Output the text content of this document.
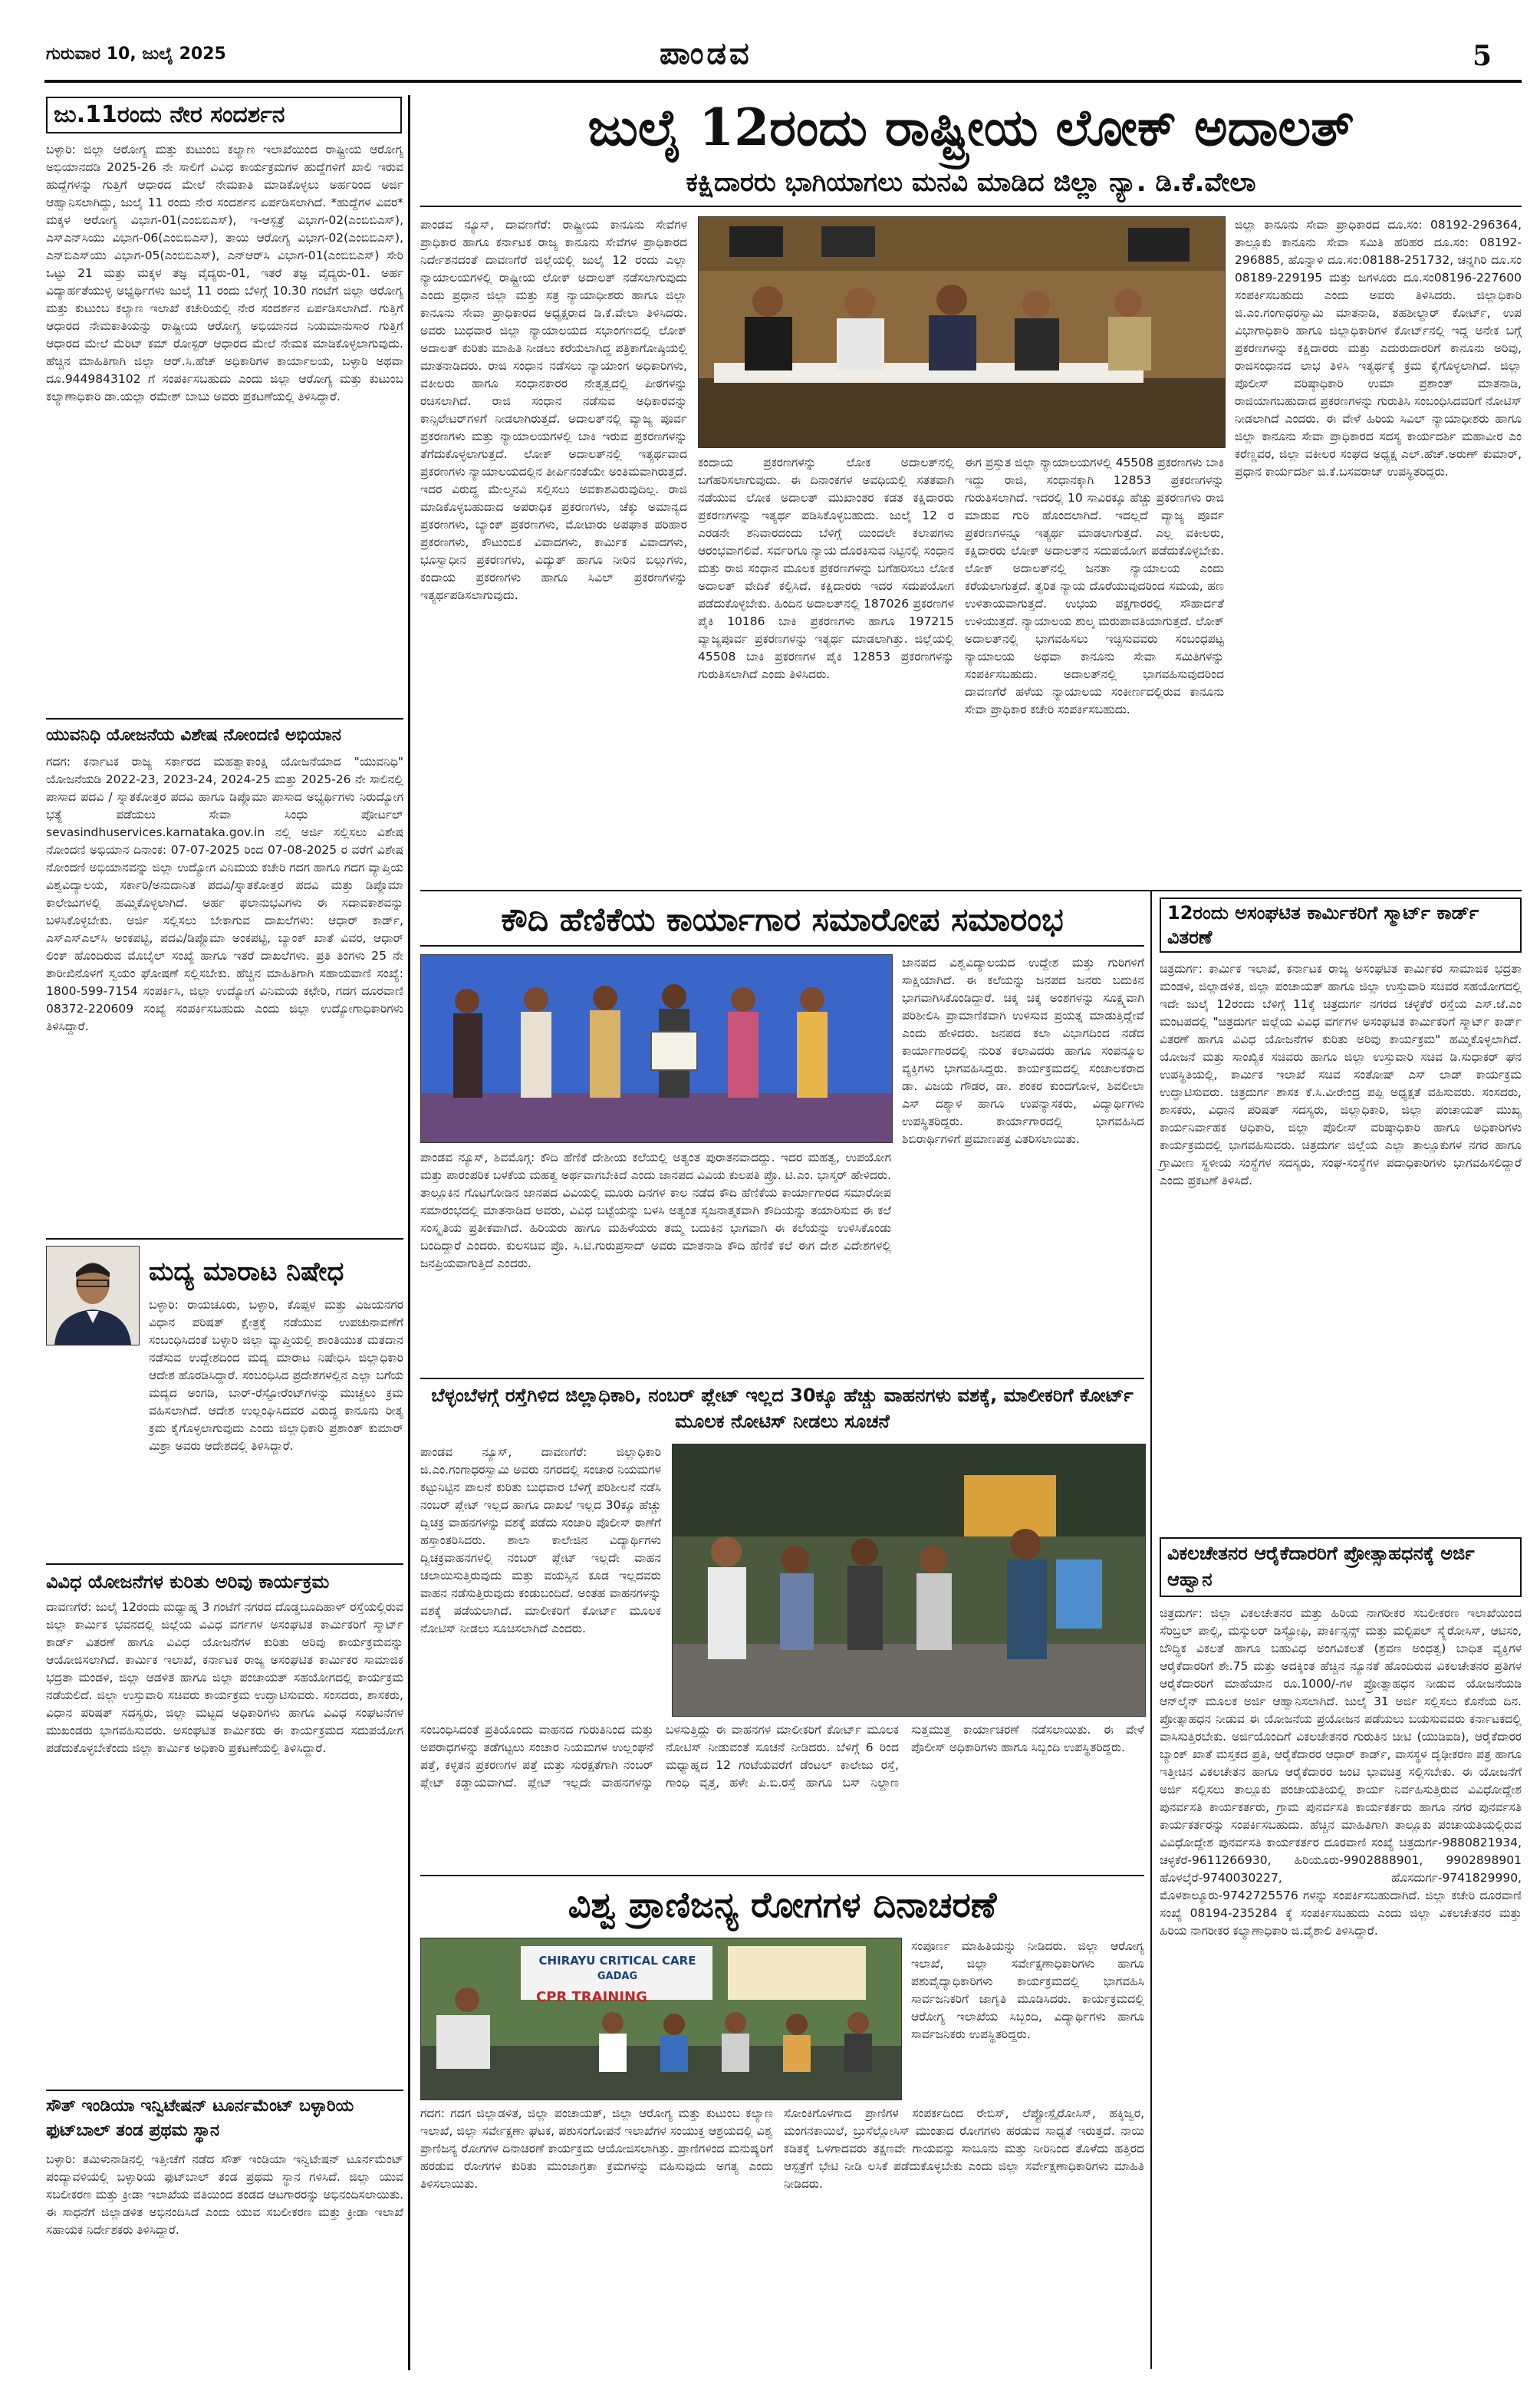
ಗುರುವಾರ 10, ಜುಲೈ 2025	ಪಾಂಡವ	5
ಜು.11ರಂದು ನೇರ ಸಂದರ್ಶನ
ಬಳ್ಳಾರಿ: ಜಿಲ್ಲಾ ಆರೋಗ್ಯ ಮತ್ತು ಕುಟುಂಬ ಕಲ್ಯಾಣ ಇಲಾಖೆಯಿಂದ ರಾಷ್ಟ್ರೀಯ ಆರೋಗ್ಯ ಅಭಿಯಾನದಡಿ 2025-26 ನೇ ಸಾಲಿಗೆ ವಿವಿಧ ಕಾರ್ಯಕ್ರಮಗಳ ಹುದ್ದೆಗಳಿಗೆ ಖಾಲಿ ಇರುವ ಹುದ್ದೆಗಳನ್ನು ಗುತ್ತಿಗೆ ಆಧಾರದ ಮೇಲೆ ನೇಮಕಾತಿ ಮಾಡಿಕೊಳ್ಳಲು ಅರ್ಹರಿಂದ ಅರ್ಜಿ ಆಹ್ವಾನಿಸಲಾಗಿದ್ದು, ಜುಲೈ 11 ರಂದು ನೇರ ಸಂದರ್ಶನ ಏರ್ಪಡಿಸಲಾಗಿದೆ. *ಹುದ್ದೆಗಳ ವಿವರ* ಮಕ್ಕಳ ಆರೋಗ್ಯ ವಿಭಾಗ-01(ಎಂಬಿಬಿಎಸ್), ಇ-ಆಸ್ಪತ್ರೆ ವಿಭಾಗ-02(ಎಂಬಿಬಿಎಸ್), ಎಸ್‌ಎನ್‌ಸಿಯು ವಿಭಾಗ-06(ಎಂಬಿಬಿಎಸ್), ತಾಯಿ ಆರೋಗ್ಯ ವಿಭಾಗ-02(ಎಂಬಿಬಿಎಸ್), ಎನ್‌ಬಿಎಸ್‌ಯು ವಿಭಾಗ-05(ಎಂಬಿಬಿಎಸ್), ಎನ್‌ಆರ್‌ಸಿ ವಿಭಾಗ-01(ಎಂಬಿಬಿಎಸ್) ಸೇರಿ ಒಟ್ಟು 21 ಮತ್ತು ಮಕ್ಕಳ ತಜ್ಞ ವೈದ್ಯರು-01, ಇತರೆ ತಜ್ಞ ವೈದ್ಯರು-01. ಅರ್ಹ ವಿದ್ಯಾರ್ಹತೆಯುಳ್ಳ ಅಭ್ಯರ್ಥಿಗಳು ಜುಲೈ 11 ರಂದು ಬೆಳಿಗ್ಗೆ 10.30 ಗಂಟೆಗೆ ಜಿಲ್ಲಾ ಆರೋಗ್ಯ ಮತ್ತು ಕುಟುಂಬ ಕಲ್ಯಾಣ ಇಲಾಖೆ ಕಚೇರಿಯಲ್ಲಿ ನೇರ ಸಂದರ್ಶನ ಏರ್ಪಡಿಸಲಾಗಿದೆ. ಗುತ್ತಿಗೆ ಆಧಾರದ ನೇಮಕಾತಿಯನ್ನು ರಾಷ್ಟ್ರೀಯ ಆರೋಗ್ಯ ಅಭಿಯಾನದ ನಿಯಮಾನುಸಾರ ಗುತ್ತಿಗೆ ಆಧಾರದ ಮೇಲೆ ಮೆರಿಟ್ ಕಮ್ ರೋಸ್ಟರ್ ಆಧಾರದ ಮೇಲೆ ನೇಮಕ ಮಾಡಿಕೊಳ್ಳಲಾಗುವುದು. ಹೆಚ್ಚಿನ ಮಾಹಿತಿಗಾಗಿ ಜಿಲ್ಲಾ ಆರ್‌.ಸಿ.ಹೆಚ್ ಅಧಿಕಾರಿಗಳ ಕಾರ್ಯಾಲಯ, ಬಳ್ಳಾರಿ ಅಥವಾ ದೂ.9449843102 ಗೆ ಸಂಪರ್ಕಿಸಬಹುದು ಎಂದು ಜಿಲ್ಲಾ ಆರೋಗ್ಯ ಮತ್ತು ಕುಟುಂಬ ಕಲ್ಯಾಣಾಧಿಕಾರಿ ಡಾ.ಯಲ್ಲಾ ರಮೇಶ್ ಬಾಬು ಅವರು ಪ್ರಕಟಣೆಯಲ್ಲಿ ತಿಳಿಸಿದ್ದಾರೆ.
ಯುವನಿಧಿ ಯೋಜನೆಯ ವಿಶೇಷ ನೋಂದಣಿ ಅಭಿಯಾನ
ಗದಗ: ಕರ್ನಾಟಕ ರಾಜ್ಯ ಸರ್ಕಾರದ ಮಹತ್ವಾಕಾಂಕ್ಷಿ ಯೋಜನೆಯಾದ "ಯುವನಿಧಿ" ಯೋಜನೆಯಡಿ 2022-23, 2023-24, 2024-25 ಮತ್ತು 2025-26 ನೇ ಸಾಲಿನಲ್ಲಿ ಪಾಸಾದ ಪದವಿ / ಸ್ನಾತಕೋತ್ತರ ಪದವಿ ಹಾಗೂ ಡಿಪ್ಲೊಮಾ ಪಾಸಾದ ಅಭ್ಯರ್ಥಿಗಳು ನಿರುದ್ಯೋಗ ಭತ್ಯೆ ಪಡೆಯಲು ಸೇವಾ ಸಿಂಧು ಪೋರ್ಟಲ್ sevasindhuservices.karnataka.gov.in ನಲ್ಲಿ ಅರ್ಜಿ ಸಲ್ಲಿಸಲು ವಿಶೇಷ ನೋಂದಣಿ ಅಭಿಯಾನ ದಿನಾಂಕ: 07-07-2025 ರಿಂದ 07-08-2025 ರ ವರೆಗೆ ವಿಶೇಷ ನೋಂದಣಿ ಅಭಿಯಾನವನ್ನು ಜಿಲ್ಲಾ ಉದ್ಯೋಗ ವಿನಿಮಯ ಕಚೇರಿ ಗದಗ ಹಾಗೂ ಗದಗ ವ್ಯಾಪ್ತಿಯ ವಿಶ್ವವಿದ್ಯಾಲಯ, ಸರ್ಕಾರಿ/ಅನುದಾನಿತ ಪದವಿ/ಸ್ನಾತಕೋತ್ತರ ಪದವಿ ಮತ್ತು ಡಿಪ್ಲೊಮಾ ಕಾಲೇಜುಗಳಲ್ಲಿ ಹಮ್ಮಿಕೊಳ್ಳಲಾಗಿದೆ. ಅರ್ಹ ಫಲಾನುಭವಿಗಳು ಈ ಸದಾವಕಾಶವನ್ನು ಬಳಸಿಕೊಳ್ಳಬೇಕು. ಅರ್ಜಿ ಸಲ್ಲಿಸಲು ಬೇಕಾಗುವ ದಾಖಲೆಗಳು: ಆಧಾರ್ ಕಾರ್ಡ್, ಎಸ್‌ಎಸ್‌ಎಲ್‌ಸಿ ಅಂಕಪಟ್ಟಿ, ಪದವಿ/ಡಿಪ್ಲೊಮಾ ಅಂಕಪಟ್ಟಿ, ಬ್ಯಾಂಕ್ ಖಾತೆ ವಿವರ, ಆಧಾರ್ ಲಿಂಕ್ ಹೊಂದಿರುವ ಮೊಬೈಲ್ ಸಂಖ್ಯೆ ಹಾಗೂ ಇತರೆ ದಾಖಲೆಗಳು. ಪ್ರತಿ ತಿಂಗಳು 25 ನೇ ತಾರೀಖಿನೊಳಗೆ ಸ್ವಯಂ ಘೋಷಣೆ ಸಲ್ಲಿಸಬೇಕು. ಹೆಚ್ಚಿನ ಮಾಹಿತಿಗಾಗಿ ಸಹಾಯವಾಣಿ ಸಂಖ್ಯೆ: 1800-599-7154 ಸಂಪರ್ಕಿಸಿ, ಜಿಲ್ಲಾ ಉದ್ಯೋಗ ವಿನಿಮಯ ಕಛೇರಿ, ಗದಗ ದೂರವಾಣಿ 08372-220609 ಸಂಖ್ಯೆ ಸಂಪರ್ಕಿಸಬಹುದು ಎಂದು ಜಿಲ್ಲಾ ಉದ್ಯೋಗಾಧಿಕಾರಿಗಳು ತಿಳಿಸಿದ್ದಾರೆ.
ಮದ್ಯ ಮಾರಾಟ ನಿಷೇಧ
ಬಳ್ಳಾರಿ: ರಾಯಚೂರು, ಬಳ್ಳಾರಿ, ಕೊಪ್ಪಳ ಮತ್ತು ವಿಜಯನಗರ ವಿಧಾನ ಪರಿಷತ್ ಕ್ಷೇತ್ರಕ್ಕೆ ನಡೆಯುವ ಉಪಚುನಾವಣೆಗೆ ಸಂಬಂಧಿಸಿದಂತೆ ಬಳ್ಳಾರಿ ಜಿಲ್ಲಾ ವ್ಯಾಪ್ತಿಯಲ್ಲಿ ಶಾಂತಿಯುತ ಮತದಾನ ನಡೆಸುವ ಉದ್ದೇಶದಿಂದ ಮದ್ಯ ಮಾರಾಟ ನಿಷೇಧಿಸಿ ಜಿಲ್ಲಾಧಿಕಾರಿ ಆದೇಶ ಹೊರಡಿಸಿದ್ದಾರೆ. ಸಂಬಂಧಿಸಿದ ಪ್ರದೇಶಗಳಲ್ಲಿನ ಎಲ್ಲಾ ಬಗೆಯ ಮದ್ಯದ ಅಂಗಡಿ, ಬಾರ್-ರೆಸ್ಟೋರೆಂಟ್‌ಗಳನ್ನು ಮುಚ್ಚಲು ಕ್ರಮ ವಹಿಸಲಾಗಿದೆ. ಆದೇಶ ಉಲ್ಲಂಘಿಸಿದವರ ವಿರುದ್ಧ ಕಾನೂನು ರೀತ್ಯ ಕ್ರಮ ಕೈಗೊಳ್ಳಲಾಗುವುದು ಎಂದು ಜಿಲ್ಲಾಧಿಕಾರಿ ಪ್ರಶಾಂತ್ ಕುಮಾರ್ ಮಿಶ್ರಾ ಅವರು ಆದೇಶದಲ್ಲಿ ತಿಳಿಸಿದ್ದಾರೆ.
ವಿವಿಧ ಯೋಜನೆಗಳ ಕುರಿತು ಅರಿವು ಕಾರ್ಯಕ್ರಮ
ದಾವಣಗೆರೆ: ಜುಲೈ 12ರಂದು ಮಧ್ಯಾಹ್ನ 3 ಗಂಟೆಗೆ ನಗರದ ದೊಡ್ಡಬೂದಿಹಾಳ್ ರಸ್ತೆಯಲ್ಲಿರುವ ಜಿಲ್ಲಾ ಕಾರ್ಮಿಕ ಭವನದಲ್ಲಿ ಜಿಲ್ಲೆಯ ವಿವಿಧ ವರ್ಗಗಳ ಅಸಂಘಟಿತ ಕಾರ್ಮಿಕರಿಗೆ ಸ್ಮಾರ್ಟ್ ಕಾರ್ಡ್ ವಿತರಣೆ ಹಾಗೂ ವಿವಿಧ ಯೋಜನೆಗಳ ಕುರಿತು ಅರಿವು ಕಾರ್ಯಕ್ರಮವನ್ನು ಆಯೋಜಿಸಲಾಗಿದೆ. ಕಾರ್ಮಿಕ ಇಲಾಖೆ, ಕರ್ನಾಟಕ ರಾಜ್ಯ ಅಸಂಘಟಿತ ಕಾರ್ಮಿಕರ ಸಾಮಾಜಿಕ ಭದ್ರತಾ ಮಂಡಳಿ, ಜಿಲ್ಲಾ ಆಡಳಿತ ಹಾಗೂ ಜಿಲ್ಲಾ ಪಂಚಾಯತ್ ಸಹಯೋಗದಲ್ಲಿ ಕಾರ್ಯಕ್ರಮ ನಡೆಯಲಿದೆ. ಜಿಲ್ಲಾ ಉಸ್ತುವಾರಿ ಸಚಿವರು ಕಾರ್ಯಕ್ರಮ ಉದ್ಘಾಟಿಸುವರು. ಸಂಸದರು, ಶಾಸಕರು, ವಿಧಾನ ಪರಿಷತ್ ಸದಸ್ಯರು, ಜಿಲ್ಲಾ ಮಟ್ಟದ ಅಧಿಕಾರಿಗಳು ಹಾಗೂ ವಿವಿಧ ಸಂಘಟನೆಗಳ ಮುಖಂಡರು ಭಾಗವಹಿಸುವರು. ಅಸಂಘಟಿತ ಕಾರ್ಮಿಕರು ಈ ಕಾರ್ಯಕ್ರಮದ ಸದುಪಯೋಗ ಪಡೆದುಕೊಳ್ಳಬೇಕೆಂದು ಜಿಲ್ಲಾ ಕಾರ್ಮಿಕ ಅಧಿಕಾರಿ ಪ್ರಕಟಣೆಯಲ್ಲಿ ತಿಳಿಸಿದ್ದಾರೆ.
ಸೌತ್ ಇಂಡಿಯಾ ಇನ್ವಿಟೇಷನ್ ಟೂರ್ನಮೆಂಟ್ ಬಳ್ಳಾರಿಯ ಫುಟ್‌ಬಾಲ್ ತಂಡ ಪ್ರಥಮ ಸ್ಥಾನ
ಬಳ್ಳಾರಿ: ತಮಿಳುನಾಡಿನಲ್ಲಿ ಇತ್ತೀಚೆಗೆ ನಡೆದ ಸೌತ್ ಇಂಡಿಯಾ ಇನ್ವಿಟೇಷನ್ ಟೂರ್ನಮೆಂಟ್ ಪಂದ್ಯಾವಳಿಯಲ್ಲಿ ಬಳ್ಳಾರಿಯ ಫುಟ್‌ಬಾಲ್ ತಂಡ ಪ್ರಥಮ ಸ್ಥಾನ ಗಳಿಸಿದೆ. ಜಿಲ್ಲಾ ಯುವ ಸಬಲೀಕರಣ ಮತ್ತು ಕ್ರೀಡಾ ಇಲಾಖೆಯ ವತಿಯಿಂದ ತಂಡದ ಆಟಗಾರರನ್ನು ಅಭಿನಂದಿಸಲಾಯಿತು. ಈ ಸಾಧನೆಗೆ ಜಿಲ್ಲಾಡಳಿತ ಅಭಿನಂದಿಸಿದೆ ಎಂದು ಯುವ ಸಬಲೀಕರಣ ಮತ್ತು ಕ್ರೀಡಾ ಇಲಾಖೆ ಸಹಾಯಕ ನಿರ್ದೇಶಕರು ತಿಳಿಸಿದ್ದಾರೆ.
ಜುಲೈ 12ರಂದು ರಾಷ್ಟ್ರೀಯ ಲೋಕ್ ಅದಾಲತ್
ಕಕ್ಷಿದಾರರು ಭಾಗಿಯಾಗಲು ಮನವಿ ಮಾಡಿದ ಜಿಲ್ಲಾ ನ್ಯಾ. ಡಿ.ಕೆ.ವೇಲಾ
ಪಾಂಡವ ನ್ಯೂಸ್, ದಾವಣಗೆರೆ: ರಾಷ್ಟ್ರೀಯ ಕಾನೂನು ಸೇವೆಗಳ ಪ್ರಾಧಿಕಾರ ಹಾಗೂ ಕರ್ನಾಟಕ ರಾಜ್ಯ ಕಾನೂನು ಸೇವೆಗಳ ಪ್ರಾಧಿಕಾರದ ನಿರ್ದೇಶನದಂತೆ ದಾವಣಗೆರೆ ಜಿಲ್ಲೆಯಲ್ಲಿ ಜುಲೈ 12 ರಂದು ಎಲ್ಲಾ ನ್ಯಾಯಾಲಯಗಳಲ್ಲಿ ರಾಷ್ಟ್ರೀಯ ಲೋಕ್ ಅದಾಲತ್ ನಡೆಸಲಾಗುವುದು ಎಂದು ಪ್ರಧಾನ ಜಿಲ್ಲಾ ಮತ್ತು ಸತ್ರ ನ್ಯಾಯಾಧೀಶರು ಹಾಗೂ ಜಿಲ್ಲಾ ಕಾನೂನು ಸೇವಾ ಪ್ರಾಧಿಕಾರದ ಅಧ್ಯಕ್ಷರಾದ ಡಿ.ಕೆ.ವೇಲಾ ತಿಳಿಸಿದರು. ಅವರು ಬುಧವಾರ ಜಿಲ್ಲಾ ನ್ಯಾಯಾಲಯದ ಸಭಾಂಗಣದಲ್ಲಿ ಲೋಕ್ ಅದಾಲತ್ ಕುರಿತು ಮಾಹಿತಿ ನೀಡಲು ಕರೆಯಲಾಗಿದ್ದ ಪತ್ರಿಕಾಗೋಷ್ಠಿಯಲ್ಲಿ ಮಾತನಾಡಿದರು. ರಾಜಿ ಸಂಧಾನ ನಡೆಸಲು ನ್ಯಾಯಾಂಗ ಅಧಿಕಾರಿಗಳು, ವಕೀಲರು ಹಾಗೂ ಸಂಧಾನಕಾರರ ನೇತೃತ್ವದಲ್ಲಿ ಪೀಠಗಳನ್ನು ರಚಿಸಲಾಗಿದೆ. ರಾಜಿ ಸಂಧಾನ ನಡೆಸುವ ಅಧಿಕಾರವನ್ನು ಕಾನ್ಸಿಲೇಟರ್‌ಗಳಿಗೆ ನೀಡಲಾಗಿರುತ್ತದೆ. ಅದಾಲತ್‌ನಲ್ಲಿ ವ್ಯಾಜ್ಯ ಪೂರ್ವ ಪ್ರಕರಣಗಳು ಮತ್ತು ನ್ಯಾಯಾಲಯಗಳಲ್ಲಿ ಬಾಕಿ ಇರುವ ಪ್ರಕರಣಗಳನ್ನು ತೆಗೆದುಕೊಳ್ಳಲಾಗುತ್ತದೆ. ಲೋಕ್ ಅದಾಲತ್‌ನಲ್ಲಿ ಇತ್ಯರ್ಥವಾದ ಪ್ರಕರಣಗಳು ನ್ಯಾಯಾಲಯದಲ್ಲಿನ ತೀರ್ಪಿನಂತೆಯೇ ಅಂತಿಮವಾಗಿರುತ್ತದೆ. ಇದರ ವಿರುದ್ಧ ಮೇಲ್ಮನವಿ ಸಲ್ಲಿಸಲು ಅವಕಾಶವಿರುವುದಿಲ್ಲ. ರಾಜಿ ಮಾಡಿಕೊಳ್ಳಬಹುದಾದ ಅಪರಾಧಿಕ ಪ್ರಕರಣಗಳು, ಚೆಕ್ಕು ಅಮಾನ್ಯದ ಪ್ರಕರಣಗಳು, ಬ್ಯಾಂಕ್ ಪ್ರಕರಣಗಳು, ಮೋಟಾರು ಅಪಘಾತ ಪರಿಹಾರ ಪ್ರಕರಣಗಳು, ಕೌಟುಂಬಿಕ ವಿವಾದಗಳು, ಕಾರ್ಮಿಕ ವಿವಾದಗಳು, ಭೂಸ್ವಾಧೀನ ಪ್ರಕರಣಗಳು, ವಿದ್ಯುತ್ ಹಾಗೂ ನೀರಿನ ಬಿಲ್ಲುಗಳು, ಕಂದಾಯ ಪ್ರಕರಣಗಳು ಹಾಗೂ ಸಿವಿಲ್ ಪ್ರಕರಣಗಳನ್ನು ಇತ್ಯರ್ಥಪಡಿಸಲಾಗುವುದು.
ಕಂದಾಯ ಪ್ರಕರಣಗಳನ್ನು ಲೋಕ ಅದಾಲತ್‌ನಲ್ಲಿ ಬಗೆಹರಿಸಲಾಗುವುದು. ಈ ದಿನಾಂಕಗಳ ಅವಧಿಯಲ್ಲಿ ಸತತವಾಗಿ ನಡೆಯುವ ಲೋಕ ಅದಾಲತ್ ಮುಖಾಂತರ ಕಡತ ಕಕ್ಷಿದಾರರು ಪ್ರಕರಣಗಳನ್ನು ಇತ್ಯರ್ಥ ಪಡಿಸಿಕೊಳ್ಳಬಹುದು. ಜುಲೈ 12 ರ ಎರಡನೇ ಶನಿವಾರದಂದು ಬೆಳಿಗ್ಗೆ ಯಿಂದಲೇ ಕಲಾಪಗಳು ಆರಂಭವಾಗಲಿವೆ. ಸರ್ವರಿಗೂ ನ್ಯಾಯ ದೊರಕಿಸುವ ನಿಟ್ಟಿನಲ್ಲಿ ಸಂಧಾನ ಮತ್ತು ರಾಜಿ ಸಂಧಾನ ಮೂಲಕ ಪ್ರಕರಣಗಳನ್ನು ಬಗೆಹರಿಸಲು ಲೋಕ ಅದಾಲತ್ ವೇದಿಕೆ ಕಲ್ಪಿಸಿದೆ. ಕಕ್ಷಿದಾರರು ಇದರ ಸದುಪಯೋಗ ಪಡೆದುಕೊಳ್ಳಬೇಕು. ಹಿಂದಿನ ಅದಾಲತ್‌ನಲ್ಲಿ 187026 ಪ್ರಕರಣಗಳ ಪೈಕಿ 10186 ಬಾಕಿ ಪ್ರಕರಣಗಳು ಹಾಗೂ 197215 ವ್ಯಾಜ್ಯಪೂರ್ವ ಪ್ರಕರಣಗಳನ್ನು ಇತ್ಯರ್ಥ ಮಾಡಲಾಗಿತ್ತು. ಜಿಲ್ಲೆಯಲ್ಲಿ 45508 ಬಾಕಿ ಪ್ರಕರಣಗಳ ಪೈಕಿ 12853 ಪ್ರಕರಣಗಳನ್ನು ಗುರುತಿಸಲಾಗಿದೆ ಎಂದು ತಿಳಿಸಿದರು.
ಈಗ ಪ್ರಸ್ತುತ ಜಿಲ್ಲಾ ನ್ಯಾಯಾಲಯಗಳಲ್ಲಿ 45508 ಪ್ರಕರಣಗಳು ಬಾಕಿ ಇದ್ದು ರಾಜಿ, ಸಂಧಾನಕ್ಕಾಗಿ 12853 ಪ್ರಕರಣಗಳನ್ನು ಗುರುತಿಸಲಾಗಿದೆ. ಇದರಲ್ಲಿ 10 ಸಾವಿರಕ್ಕೂ ಹೆಚ್ಚು ಪ್ರಕರಣಗಳು ರಾಜಿ ಮಾಡುವ ಗುರಿ ಹೊಂದಲಾಗಿದೆ. ಇದಲ್ಲದೆ ವ್ಯಾಜ್ಯ ಪೂರ್ವ ಪ್ರಕರಣಗಳನ್ನೂ ಇತ್ಯರ್ಥ ಮಾಡಲಾಗುತ್ತದೆ. ಎಲ್ಲ ವಕೀಲರು, ಕಕ್ಷಿದಾರರು ಲೋಕ್ ಅದಾಲತ್‌ನ ಸದುಪಯೋಗ ಪಡೆದುಕೊಳ್ಳಬೇಕು. ಲೋಕ್ ಅದಾಲತ್‌ನಲ್ಲಿ ಜನತಾ ನ್ಯಾಯಾಲಯ ಎಂದು ಕರೆಯಲಾಗುತ್ತದೆ. ತ್ವರಿತ ನ್ಯಾಯ ದೊರೆಯುವುದರಿಂದ ಸಮಯ, ಹಣ ಉಳಿತಾಯವಾಗುತ್ತದೆ. ಉಭಯ ಪಕ್ಷಗಾರರಲ್ಲಿ ಸೌಹಾರ್ದತೆ ಉಳಿಯುತ್ತದೆ. ನ್ಯಾಯಾಲಯ ಶುಲ್ಕ ಮರುಪಾವತಿಯಾಗುತ್ತದೆ. ಲೋಕ್ ಅದಾಲತ್‌ನಲ್ಲಿ ಭಾಗವಹಿಸಲು ಇಚ್ಛಿಸುವವರು ಸಂಬಂಧಪಟ್ಟ ನ್ಯಾಯಾಲಯ ಅಥವಾ ಕಾನೂನು ಸೇವಾ ಸಮಿತಿಗಳನ್ನು ಸಂಪರ್ಕಿಸಬಹುದು. ಅದಾಲತ್‌ನಲ್ಲಿ ಭಾಗವಹಿಸುವುದರಿಂದ ದಾವಣಗೆರೆ ಹಳೆಯ ನ್ಯಾಯಾಲಯ ಸಂಕೀರ್ಣದಲ್ಲಿರುವ ಕಾನೂನು ಸೇವಾ ಪ್ರಾಧಿಕಾರ ಕಚೇರಿ ಸಂಪರ್ಕಿಸಬಹುದು.
ಜಿಲ್ಲಾ ಕಾನೂನು ಸೇವಾ ಪ್ರಾಧಿಕಾರದ ದೂ.ಸಂ: 08192-296364, ತಾಲ್ಲೂಕು ಕಾನೂನು ಸೇವಾ ಸಮಿತಿ ಹರಿಹರ ದೂ.ಸಂ: 08192-296885, ಹೊನ್ನಾಳಿ ದೂ.ಸಂ:08188-251732, ಚನ್ನಗಿರಿ ದೂ.ಸಂ 08189-229195 ಮತ್ತು ಜಗಳೂರು ದೂ.ಸಂ08196-227600 ಸಂಪರ್ಕಿಸಬಹುದು ಎಂದು ಅವರು ತಿಳಿಸಿದರು. ಜಿಲ್ಲಾಧಿಕಾರಿ ಜಿ.ಎಂ.ಗಂಗಾಧರಸ್ವಾಮಿ ಮಾತನಾಡಿ, ತಹಶೀಲ್ದಾರ್ ಕೋರ್ಟ್, ಉಪ ವಿಭಾಗಾಧಿಕಾರಿ ಹಾಗೂ ಜಿಲ್ಲಾಧಿಕಾರಿಗಳ ಕೋರ್ಟ್‌ನಲ್ಲಿ ಇದ್ದ ಅನೇಕ ಬಗ್ಗೆ ಪ್ರಕರಣಗಳನ್ನು ಕಕ್ಷಿದಾರರು ಮತ್ತು ಎದುರುದಾರರಿಗೆ ಕಾನೂನು ಅರಿವು, ರಾಜಿಸಂಧಾನದ ಲಾಭ ತಿಳಿಸಿ ಇತ್ಯರ್ಥಕ್ಕೆ ಕ್ರಮ ಕೈಗೊಳ್ಳಲಾಗಿದೆ. ಜಿಲ್ಲಾ ಪೊಲೀಸ್ ವರಿಷ್ಠಾಧಿಕಾರಿ ಉಮಾ ಪ್ರಶಾಂತ್ ಮಾತನಾಡಿ, ರಾಜಿಯಾಗಬಹುದಾದ ಪ್ರಕರಣಗಳನ್ನು ಗುರುತಿಸಿ ಸಂಬಂಧಿಸಿದವರಿಗೆ ನೋಟಿಸ್ ನೀಡಲಾಗಿದೆ ಎಂದರು. ಈ ವೇಳೆ ಹಿರಿಯ ಸಿವಿಲ್ ನ್ಯಾಯಾಧೀಶರು ಹಾಗೂ ಜಿಲ್ಲಾ ಕಾನೂನು ಸೇವಾ ಪ್ರಾಧಿಕಾರದ ಸದಸ್ಯ ಕಾರ್ಯದರ್ಶಿ ಮಹಾವೀರ ಎಂ ಕರೆಣ್ಣವರ, ಜಿಲ್ಲಾ ವಕೀಲರ ಸಂಘದ ಅಧ್ಯಕ್ಷ ಎಲ್.ಹೆಚ್.ಅರುಣ್ ಕುಮಾರ್, ಪ್ರಧಾನ ಕಾರ್ಯದರ್ಶಿ ಜಿ.ಕೆ.ಬಸವರಾಜ್ ಉಪಸ್ಥಿತರಿದ್ದರು.
ಕೌದಿ ಹೆಣಿಕೆಯ ಕಾರ್ಯಾಗಾರ ಸಮಾರೋಪ ಸಮಾರಂಭ
ಜಾನಪದ ವಿಶ್ವವಿದ್ಯಾಲಯದ ಉದ್ದೇಶ ಮತ್ತು ಗುರಿಗಳಿಗೆ ಸಾಕ್ಷಿಯಾಗಿದೆ. ಈ ಕಲೆಯನ್ನು ಜನಪದ ಜನರು ಬದುಕಿನ ಭಾಗವಾಗಿಸಿಕೊಂಡಿದ್ದಾರೆ. ಚಿಕ್ಕ ಚಿಕ್ಕ ಅಂಶಗಳನ್ನು ಸೂಕ್ಷ್ಮವಾಗಿ ಪರಿಶೀಲಿಸಿ ಪ್ರಾಮಾಣಿಕವಾಗಿ ಉಳಿಸುವ ಪ್ರಯತ್ನ ಮಾಡುತ್ತಿದ್ದೇವೆ ಎಂದು ಹೇಳಿದರು. ಜನಪದ ಕಲಾ ವಿಭಾಗದಿಂದ ನಡೆದ ಕಾರ್ಯಾಗಾರದಲ್ಲಿ ನುರಿತ ಕಲಾವಿದರು ಹಾಗೂ ಸಂಪನ್ಮೂಲ ವ್ಯಕ್ತಿಗಳು ಭಾಗವಹಿಸಿದ್ದರು. ಕಾರ್ಯಕ್ರಮದಲ್ಲಿ ಸಂಚಾಲಕರಾದ ಡಾ. ವಿಜಯ ಗೌಡರ, ಡಾ. ಶಂಕರ ಕುಂದಗೋಳ, ಶಿವಲೀಲಾ ಎಸ್ ದಶ್ಯಾಳ ಹಾಗೂ ಉಪನ್ಯಾಸಕರು, ವಿದ್ಯಾರ್ಥಿಗಳು ಉಪಸ್ಥಿತರಿದ್ದರು. ಕಾರ್ಯಾಗಾರದಲ್ಲಿ ಭಾಗವಹಿಸಿದ ಶಿಬಿರಾರ್ಥಿಗಳಿಗೆ ಪ್ರಮಾಣಪತ್ರ ವಿತರಿಸಲಾಯಿತು.
ಪಾಂಡವ ನ್ಯೂಸ್, ಶಿವಮೊಗ್ಗ: ಕೌದಿ ಹೆಣಿಕೆ ದೇಶೀಯ ಕಲೆಯಲ್ಲಿ ಅತ್ಯಂತ ಪುರಾತನವಾದದ್ದು. ಇದರ ಮಹತ್ವ, ಉಪಯೋಗ ಮತ್ತು ಪಾರಂಪರಿಕ ಬಳಕೆಯ ಮಹತ್ವ ಅರ್ಥವಾಗಬೇಕಿದೆ ಎಂದು ಜಾನಪದ ವಿವಿಯ ಕುಲಪತಿ ಪ್ರೊ. ಟಿ.ಎಂ. ಭಾಸ್ಕರ್ ಹೇಳಿದರು. ತಾಲ್ಲೂಕಿನ ಗೊಟಗೋಡಿನ ಜಾನಪದ ವಿವಿಯಲ್ಲಿ ಮೂರು ದಿನಗಳ ಕಾಲ ನಡೆದ ಕೌದಿ ಹೆಣಿಕೆಯ ಕಾರ್ಯಾಗಾರದ ಸಮಾರೋಪ ಸಮಾರಂಭದಲ್ಲಿ ಮಾತನಾಡಿದ ಅವರು, ವಿವಿಧ ಬಟ್ಟೆಯನ್ನು ಬಳಸಿ ಅತ್ಯಂತ ಸೃಜನಾತ್ಮಕವಾಗಿ ಕೌದಿಯನ್ನು ತಯಾರಿಸುವ ಈ ಕಲೆ ಸಂಸ್ಕೃತಿಯ ಪ್ರತೀಕವಾಗಿದೆ. ಹಿರಿಯರು ಹಾಗೂ ಮಹಿಳೆಯರು ತಮ್ಮ ಬದುಕಿನ ಭಾಗವಾಗಿ ಈ ಕಲೆಯನ್ನು ಉಳಿಸಿಕೊಂಡು ಬಂದಿದ್ದಾರೆ ಎಂದರು. ಕುಲಸಚಿವ ಪ್ರೊ. ಸಿ.ಟಿ.ಗುರುಪ್ರಸಾದ್ ಅವರು ಮಾತನಾಡಿ ಕೌದಿ ಹೆಣಿಕೆ ಕಲೆ ಈಗ ದೇಶ ವಿದೇಶಗಳಲ್ಲಿ ಜನಪ್ರಿಯವಾಗುತ್ತಿದೆ ಎಂದರು.
ಬೆಳ್ಳಂಬೆಳಗ್ಗೆ ರಸ್ತೆಗಿಳಿದ ಜಿಲ್ಲಾಧಿಕಾರಿ, ನಂಬರ್ ಪ್ಲೇಟ್ ಇಲ್ಲದ 30ಕ್ಕೂ ಹೆಚ್ಚು ವಾಹನಗಳು ವಶಕ್ಕೆ, ಮಾಲೀಕರಿಗೆ ಕೋರ್ಟ್ ಮೂಲಕ ನೋಟಿಸ್ ನೀಡಲು ಸೂಚನೆ
ಪಾಂಡವ ನ್ಯೂಸ್, ದಾವಣಗೆರೆ: ಜಿಲ್ಲಾಧಿಕಾರಿ ಜಿ.ಎಂ.ಗಂಗಾಧರಸ್ವಾಮಿ ಅವರು ನಗರದಲ್ಲಿ ಸಂಚಾರ ನಿಯಮಗಳ ಕಟ್ಟುನಿಟ್ಟಿನ ಪಾಲನೆ ಕುರಿತು ಬುಧವಾರ ಬೆಳಿಗ್ಗೆ ಪರಿಶೀಲನೆ ನಡೆಸಿ ನಂಬರ್ ಪ್ಲೇಟ್ ಇಲ್ಲದ ಹಾಗೂ ದಾಖಲೆ ಇಲ್ಲದ 30ಕ್ಕೂ ಹೆಚ್ಚು ದ್ವಿಚಕ್ರ ವಾಹನಗಳನ್ನು ವಶಕ್ಕೆ ಪಡೆದು ಸಂಚಾರಿ ಪೊಲೀಸ್ ಠಾಣೆಗೆ ಹಸ್ತಾಂತರಿಸಿದರು. ಶಾಲಾ ಕಾಲೇಜಿನ ವಿದ್ಯಾರ್ಥಿಗಳು ದ್ವಿಚಕ್ರವಾಹನಗಳಲ್ಲಿ ನಂಬರ್ ಪ್ಲೇಟ್ ಇಲ್ಲದೇ ವಾಹನ ಚಲಾಯಿಸುತ್ತಿರುವುದು ಮತ್ತು ವಯಸ್ಸಿನ ಕೂಡ ಇಲ್ಲದವರು ವಾಹನ ನಡೆಸುತ್ತಿರುವುದು ಕಂಡುಬಂದಿದೆ. ಅಂತಹ ವಾಹನಗಳನ್ನು ವಶಕ್ಕೆ ಪಡೆಯಲಾಗಿದೆ. ಮಾಲೀಕರಿಗೆ ಕೋರ್ಟ್ ಮೂಲಕ ನೋಟಿಸ್ ನೀಡಲು ಸೂಚಿಸಲಾಗಿದೆ ಎಂದರು.
ಸಂಬಂಧಿಸಿದಂತೆ ಪ್ರತಿಯೊಂದು ವಾಹನದ ಗುರುತಿನಿಂದ ಮತ್ತು ಅಪರಾಧಗಳನ್ನು ತಡೆಗಟ್ಟಲು ಸಂಚಾರ ನಿಯಮಗಳ ಉಲ್ಲಂಘನೆ ಪತ್ತೆ, ಕಳ್ಳತನ ಪ್ರಕರಣಗಳ ಪತ್ತೆ ಮತ್ತು ಸುರಕ್ಷತೆಗಾಗಿ ನಂಬರ್ ಪ್ಲೇಟ್ ಕಡ್ಡಾಯವಾಗಿದೆ. ಪ್ಲೇಟ್ ಇಲ್ಲದೇ ವಾಹನಗಳನ್ನು ಬಳಸುತ್ತಿದ್ದು ಈ ವಾಹನಗಳ ಮಾಲೀಕರಿಗೆ ಕೋರ್ಟ್ ಮೂಲಕ ನೋಟಿಸ್ ನೀಡುವಂತೆ ಸೂಚನೆ ನೀಡಿದರು. ಬೆಳಿಗ್ಗೆ 6 ರಿಂದ ಮಧ್ಯಾಹ್ನದ 12 ಗಂಟೆಯವರೆಗೆ ಡೆಂಟಲ್ ಕಾಲೇಜು ರಸ್ತೆ, ಗಾಂಧಿ ವೃತ್ತ, ಹಳೇ ಪಿ.ಬಿ.ರಸ್ತೆ ಹಾಗೂ ಬಸ್ ನಿಲ್ದಾಣ ಸುತ್ತಮುತ್ತ ಕಾರ್ಯಾಚರಣೆ ನಡೆಸಲಾಯಿತು. ಈ ವೇಳೆ ಪೊಲೀಸ್ ಅಧಿಕಾರಿಗಳು ಹಾಗೂ ಸಿಬ್ಬಂದಿ ಉಪಸ್ಥಿತರಿದ್ದರು.
ವಿಶ್ವ ಪ್ರಾಣಿಜನ್ಯ ರೋಗಗಳ ದಿನಾಚರಣೆ
CHIRAYU CRITICAL CARE
GADAG
CPR TRAINING
ಸಂಪೂರ್ಣ ಮಾಹಿತಿಯನ್ನು ನೀಡಿದರು. ಜಿಲ್ಲಾ ಆರೋಗ್ಯ ಇಲಾಖೆ, ಜಿಲ್ಲಾ ಸರ್ವೇಕ್ಷಣಾಧಿಕಾರಿಗಳು ಹಾಗೂ ಪಶುವೈದ್ಯಾಧಿಕಾರಿಗಳು ಕಾರ್ಯಕ್ರಮದಲ್ಲಿ ಭಾಗವಹಿಸಿ ಸಾರ್ವಜನಿಕರಿಗೆ ಜಾಗೃತಿ ಮೂಡಿಸಿದರು. ಕಾರ್ಯಕ್ರಮದಲ್ಲಿ ಆರೋಗ್ಯ ಇಲಾಖೆಯ ಸಿಬ್ಬಂದಿ, ವಿದ್ಯಾರ್ಥಿಗಳು ಹಾಗೂ ಸಾರ್ವಜನಿಕರು ಉಪಸ್ಥಿತರಿದ್ದರು.
ಗದಗ: ಗದಗ ಜಿಲ್ಲಾಡಳಿತ, ಜಿಲ್ಲಾ ಪಂಚಾಯತ್, ಜಿಲ್ಲಾ ಆರೋಗ್ಯ ಮತ್ತು ಕುಟುಂಬ ಕಲ್ಯಾಣ ಇಲಾಖೆ, ಜಿಲ್ಲಾ ಸರ್ವೇಕ್ಷಣಾ ಘಟಕ, ಪಶುಸಂಗೋಪನೆ ಇಲಾಖೆಗಳ ಸಂಯುಕ್ತ ಆಶ್ರಯದಲ್ಲಿ ವಿಶ್ವ ಪ್ರಾಣಿಜನ್ಯ ರೋಗಗಳ ದಿನಾಚರಣೆ ಕಾರ್ಯಕ್ರಮ ಆಯೋಜಿಸಲಾಗಿತ್ತು. ಪ್ರಾಣಿಗಳಿಂದ ಮನುಷ್ಯರಿಗೆ ಹರಡುವ ರೋಗಗಳ ಕುರಿತು ಮುಂಜಾಗ್ರತಾ ಕ್ರಮಗಳನ್ನು ವಹಿಸುವುದು ಅಗತ್ಯ ಎಂದು ತಿಳಿಸಲಾಯಿತು.
ಸೋಂಕಿಗೊಳಗಾದ ಪ್ರಾಣಿಗಳ ಸಂಪರ್ಕದಿಂದ ರೇಬಿಸ್, ಲೆಪ್ಟೋಸ್ಪೈರೋಸಿಸ್, ಹಕ್ಕಿಜ್ವರ, ಮಂಗನಕಾಯಿಲೆ, ಬ್ರುಸೆಲ್ಲೋಸಿಸ್ ಮುಂತಾದ ರೋಗಗಳು ಹರಡುವ ಸಾಧ್ಯತೆ ಇರುತ್ತದೆ. ನಾಯಿ ಕಡಿತಕ್ಕೆ ಒಳಗಾದವರು ತಕ್ಷಣವೇ ಗಾಯವನ್ನು ಸಾಬೂನು ಮತ್ತು ನೀರಿನಿಂದ ತೊಳೆದು ಹತ್ತಿರದ ಆಸ್ಪತ್ರೆಗೆ ಭೇಟಿ ನೀಡಿ ಲಸಿಕೆ ಪಡೆದುಕೊಳ್ಳಬೇಕು ಎಂದು ಜಿಲ್ಲಾ ಸರ್ವೇಕ್ಷಣಾಧಿಕಾರಿಗಳು ಮಾಹಿತಿ ನೀಡಿದರು.
12ರಂದು ಅಸಂಘಟಿತ ಕಾರ್ಮಿಕರಿಗೆ ಸ್ಮಾರ್ಟ್ ಕಾರ್ಡ್ ವಿತರಣೆ
ಚಿತ್ರದುರ್ಗ: ಕಾರ್ಮಿಕ ಇಲಾಖೆ, ಕರ್ನಾಟಕ ರಾಜ್ಯ ಅಸಂಘಟಿತ ಕಾರ್ಮಿಕರ ಸಾಮಾಜಿಕ ಭದ್ರತಾ ಮಂಡಳಿ, ಜಿಲ್ಲಾಡಳಿತ, ಜಿಲ್ಲಾ ಪಂಚಾಯತ್ ಹಾಗೂ ಜಿಲ್ಲಾ ಉಸ್ತುವಾರಿ ಸಚಿವರ ಸಹಯೋಗದಲ್ಲಿ ಇದೇ ಜುಲೈ 12ರಂದು ಬೆಳಿಗ್ಗೆ 11ಕ್ಕೆ ಚಿತ್ರದುರ್ಗ ನಗರದ ಚಳ್ಳಕೆರೆ ರಸ್ತೆಯ ಎಸ್.ಜೆ.ಎಂ ಮಂಟಪದಲ್ಲಿ "ಚಿತ್ರದುರ್ಗ ಜಿಲ್ಲೆಯ ವಿವಿಧ ವರ್ಗಗಳ ಅಸಂಘಟಿತ ಕಾರ್ಮಿಕರಿಗೆ ಸ್ಮಾರ್ಟ್ ಕಾರ್ಡ್ ವಿತರಣೆ ಹಾಗೂ ವಿವಿಧ ಯೋಜನೆಗಳ ಕುರಿತು ಅರಿವು ಕಾರ್ಯಕ್ರಮ" ಹಮ್ಮಿಕೊಳ್ಳಲಾಗಿದೆ. ಯೋಜನೆ ಮತ್ತು ಸಾಂಖ್ಯಿಕ ಸಚಿವರು ಹಾಗೂ ಜಿಲ್ಲಾ ಉಸ್ತುವಾರಿ ಸಚಿವ ಡಿ.ಸುಧಾಕರ್ ಘನ ಉಪಸ್ಥಿತಿಯಲ್ಲಿ, ಕಾರ್ಮಿಕ ಇಲಾಖೆ ಸಚಿವ ಸಂತೋಷ್ ಎಸ್ ಲಾಡ್ ಕಾರ್ಯಕ್ರಮ ಉದ್ಘಾಟಿಸುವರು. ಚಿತ್ರದುರ್ಗ ಶಾಸಕ ಕೆ.ಸಿ.ವೀರೇಂದ್ರ ಪಪ್ಪಿ ಅಧ್ಯಕ್ಷತೆ ವಹಿಸುವರು. ಸಂಸದರು, ಶಾಸಕರು, ವಿಧಾನ ಪರಿಷತ್ ಸದಸ್ಯರು, ಜಿಲ್ಲಾಧಿಕಾರಿ, ಜಿಲ್ಲಾ ಪಂಚಾಯತ್ ಮುಖ್ಯ ಕಾರ್ಯನಿರ್ವಾಹಕ ಅಧಿಕಾರಿ, ಜಿಲ್ಲಾ ಪೊಲೀಸ್ ವರಿಷ್ಠಾಧಿಕಾರಿ ಹಾಗೂ ಅಧಿಕಾರಿಗಳು ಕಾರ್ಯಕ್ರಮದಲ್ಲಿ ಭಾಗವಹಿಸುವರು. ಚಿತ್ರದುರ್ಗ ಜಿಲ್ಲೆಯ ಎಲ್ಲಾ ತಾಲ್ಲೂಕುಗಳ ನಗರ ಹಾಗೂ ಗ್ರಾಮೀಣ ಸ್ಥಳೀಯ ಸಂಸ್ಥೆಗಳ ಸದಸ್ಯರು, ಸಂಘ-ಸಂಸ್ಥೆಗಳ ಪದಾಧಿಕಾರಿಗಳು ಭಾಗವಹಿಸಲಿದ್ದಾರೆ ಎಂದು ಪ್ರಕಟಣೆ ತಿಳಿಸಿದೆ.
ವಿಕಲಚೇತನರ ಆರೈಕೆದಾರರಿಗೆ ಪ್ರೋತ್ಸಾಹಧನಕ್ಕೆ ಅರ್ಜಿ ಆಹ್ವಾನ
ಚಿತ್ರದುರ್ಗ: ಜಿಲ್ಲಾ ವಿಕಲಚೇತನರ ಮತ್ತು ಹಿರಿಯ ನಾಗರೀಕರ ಸಬಲೀಕರಣ ಇಲಾಖೆಯಿಂದ ಸೆರಿಬ್ರಲ್ ಪಾಲ್ಸಿ, ಮಸ್ಕುಲರ್ ಡಿಸ್ಟ್ರೋಫಿ, ಪಾರ್ಕಿನ್ಸನ್ಸ್ ಮತ್ತು ಮಲ್ಟಿಪಲ್ ಸ್ಕ್ಲೆರೋಸಿಸ್, ಆಟಿಸಂ, ಬೌದ್ಧಿಕ ವಿಕಲತೆ ಹಾಗೂ ಬಹುವಿಧ ಅಂಗವಿಕಲತೆ (ಶ್ರವಣ ಅಂಧತ್ವ) ಬಾಧಿತ ವ್ಯಕ್ತಿಗಳ ಆರೈಕೆದಾರರಿಗೆ ಶೇ.75 ಮತ್ತು ಅದಕ್ಕಿಂತ ಹೆಚ್ಚಿನ ನ್ಯೂನತೆ ಹೊಂದಿರುವ ವಿಕಲಚೇತನರ ಪ್ರತಿಗಳ ಆರೈಕೆದಾರರಿಗೆ ಮಾಹೆಯಾನ ರೂ.1000/-ಗಳ ಪ್ರೋತ್ಸಾಹಧನ ನೀಡುವ ಯೋಜನೆಯಡಿ ಆನ್‌ಲೈನ್ ಮೂಲಕ ಅರ್ಜಿ ಆಹ್ವಾನಿಸಲಾಗಿದೆ. ಜುಲೈ 31 ಅರ್ಜಿ ಸಲ್ಲಿಸಲು ಕೊನೆಯ ದಿನ. ಪ್ರೋತ್ಸಾಹಧನ ನೀಡುವ ಈ ಯೋಜನೆಯ ಪ್ರಯೋಜನ ಪಡೆಯಲು ಬಯಸುವವರು ಕರ್ನಾಟಕದಲ್ಲಿ ವಾಸಿಸುತ್ತಿರಬೇಕು. ಅರ್ಜಿಯೊಂದಿಗೆ ವಿಕಲಚೇತನರ ಗುರುತಿನ ಚೀಟಿ (ಯುಡಿಐಡಿ), ಆರೈಕೆದಾರರ ಬ್ಯಾಂಕ್ ಖಾತೆ ಮಸ್ತಕದ ಪ್ರತಿ, ಆರೈಕೆದಾರರ ಆಧಾರ್ ಕಾರ್ಡ್, ವಾಸಸ್ಥಳ ದೃಢೀಕರಣ ಪತ್ರ ಹಾಗೂ ಇತ್ತೀಚಿನ ವಿಕಲಚೇತನ ಹಾಗೂ ಆರೈಕೆದಾರರ ಜಂಟಿ ಭಾವಚಿತ್ರ ಸಲ್ಲಿಸಬೇಕು. ಈ ಯೋಜನೆಗೆ ಅರ್ಜಿ ಸಲ್ಲಿಸಲು ತಾಲ್ಲೂಕು ಪಂಚಾಯತಿಯಲ್ಲಿ ಕಾರ್ಯ ನಿರ್ವಹಿಸುತ್ತಿರುವ ವಿವಿಧೋದ್ದೇಶ ಪುನರ್ವಸತಿ ಕಾರ್ಯಕರ್ತರು, ಗ್ರಾಮ ಪುನರ್ವಸತಿ ಕಾರ್ಯಕರ್ತರು ಹಾಗೂ ನಗರ ಪುನರ್ವಸತಿ ಕಾರ್ಯಕರ್ತರನ್ನು ಸಂಪರ್ಕಿಸಬಹುದು. ಹೆಚ್ಚಿನ ಮಾಹಿತಿಗಾಗಿ ತಾಲ್ಲೂಕು ಪಂಚಾಯತಿಯಲ್ಲಿರುವ ವಿವಿಧೋದ್ದೇಶ ಪುನರ್ವಸತಿ ಕಾರ್ಯಕರ್ತರ ದೂರವಾಣಿ ಸಂಖ್ಯೆ ಚಿತ್ರದುರ್ಗ-9880821934, ಚಳ್ಳಕೆರೆ-9611266930, ಹಿರಿಯೂರು-9902888901, 9902898901 ಹೊಳಲ್ಕೆರೆ-9740030227, ಹೊಸದುರ್ಗ-9741829990, ಮೊಳಕಾಲ್ಮೂರು-9742725576 ಗಳನ್ನು ಸಂಪರ್ಕಿಸಬಹುದಾಗಿದೆ. ಜಿಲ್ಲಾ ಕಚೇರಿ ದೂರವಾಣಿ ಸಂಖ್ಯೆ 08194-235284 ಕ್ಕೆ ಸಂಪರ್ಕಿಸಬಹುದು ಎಂದು ಜಿಲ್ಲಾ ವಿಕಲಚೇತನರ ಮತ್ತು ಹಿರಿಯ ನಾಗರೀಕರ ಕಲ್ಯಾಣಾಧಿಕಾರಿ ಜಿ.ವೈಶಾಲಿ ತಿಳಿಸಿದ್ದಾರೆ.
